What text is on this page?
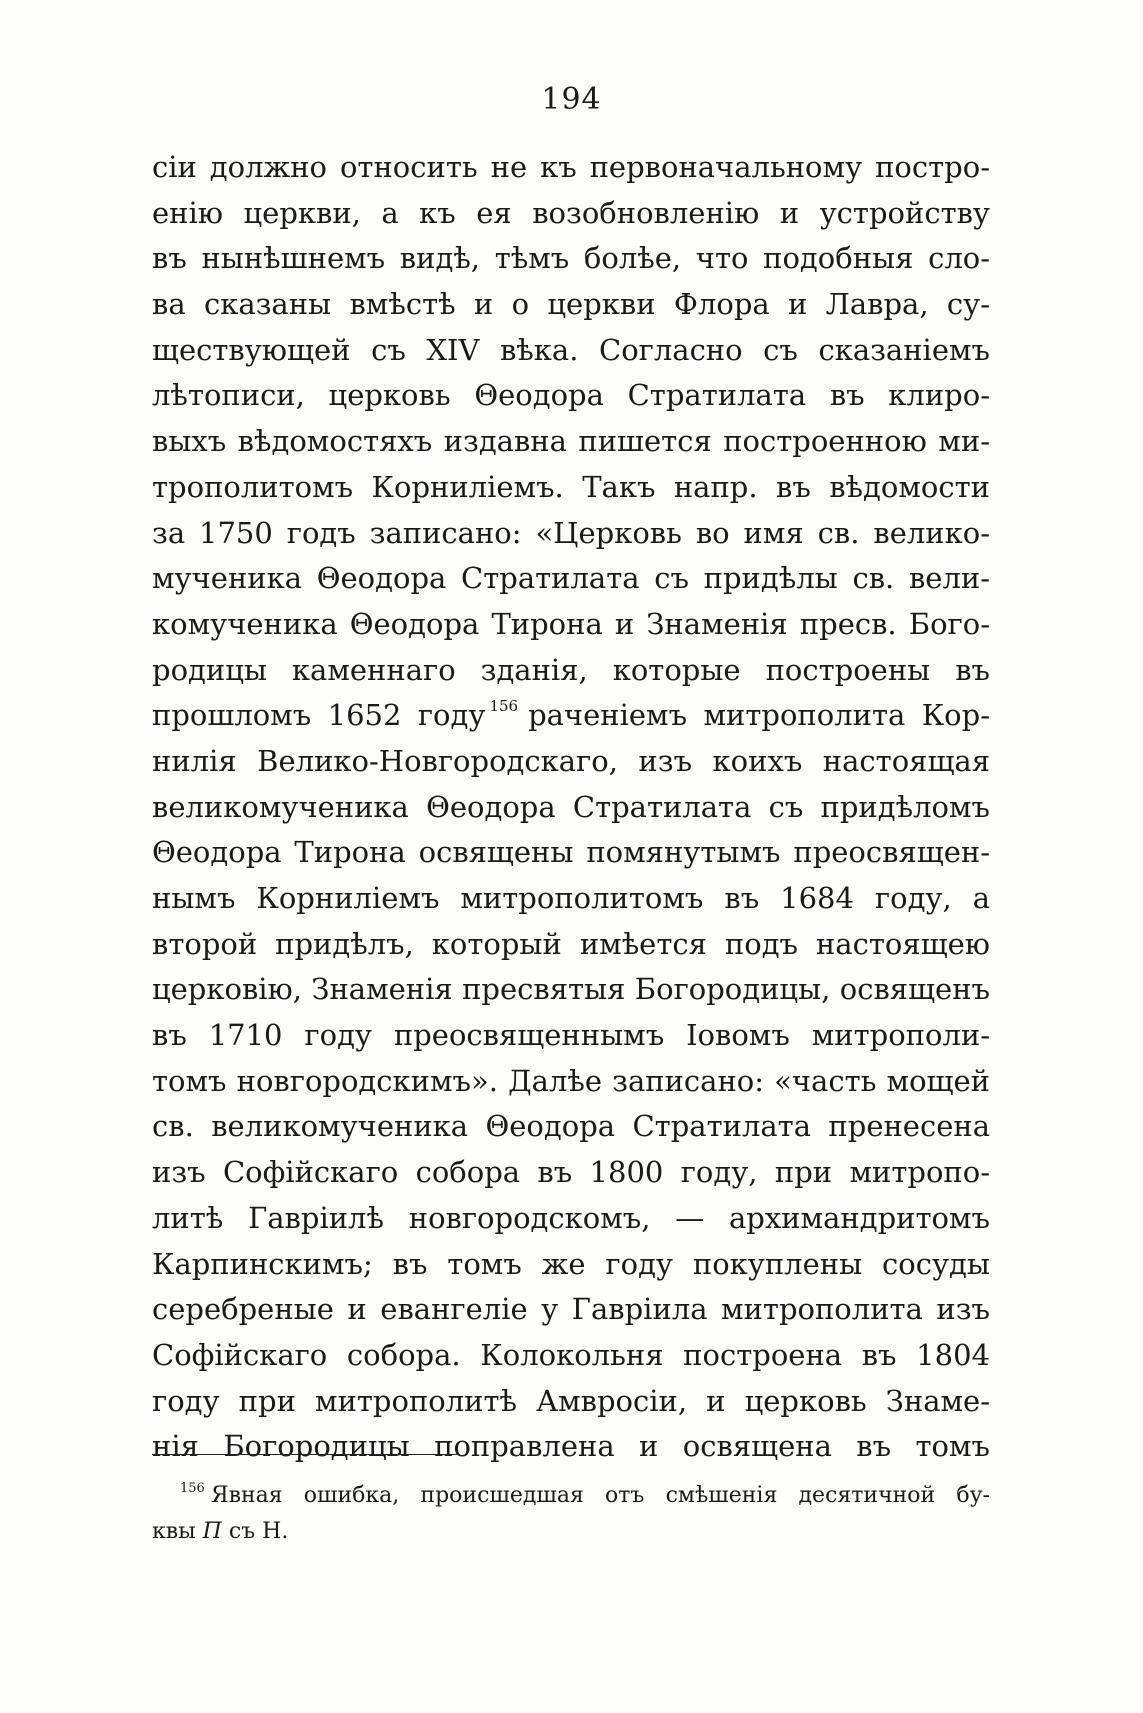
194
сіи должно относить не къ первоначальному постро-
енію церкви, а къ ея возобновленію и устройству
въ нынѣшнемъ видѣ, тѣмъ болѣе, что подобныя сло-
ва сказаны вмѣстѣ и о церкви Флора и Лавра, су-
ществующей съ XIV вѣка. Согласно съ сказаніемъ
лѣтописи, церковь Θеодора Стратилата въ клиро-
выхъ вѣдомостяхъ издавна пишется построенною ми-
трополитомъ Корниліемъ. Такъ напр. въ вѣдомости
за 1750 годъ записано: «Церковь во имя св. велико-
мученика Θеодора Стратилата съ придѣлы св. вели-
комученика Θеодора Тирона и Знаменія пресв. Бого-
родицы каменнаго зданія, которые построены въ
прошломъ 1652 году $^{156}$ раченіемъ митрополита Кор-
нилія Велико-Новгородскаго, изъ коихъ настоящая
великомученика Θеодора Стратилата съ придѣломъ
Θеодора Тирона освящены помянутымъ преосвящен-
нымъ Корниліемъ митрополитомъ въ 1684 году, а
второй придѣлъ, который имѣется подъ настоящею
церковію, Знаменія пресвятыя Богородицы, освященъ
въ 1710 году преосвященнымъ Іовомъ митрополи-
томъ новгородскимъ». Далѣе записано: «часть мощей
св. великомученика Θеодора Стратилата пренесена
изъ Софійскаго собора въ 1800 году, при митропо-
литѣ Гавріилѣ новгородскомъ, — архимандритомъ
Карпинскимъ; въ томъ же году покуплены сосуды
серебреные и евангеліе у Гавріила митрополита изъ
Софійскаго собора. Колокольня построена въ 1804
году при митрополитѣ Амвросіи, и церковь Знаме-
нія Богородицы поправлена и освящена въ томъ
$^{156}$ Явная ошибка, происшедшая отъ смѣшенія десятичной бу-
квы П съ Н.
